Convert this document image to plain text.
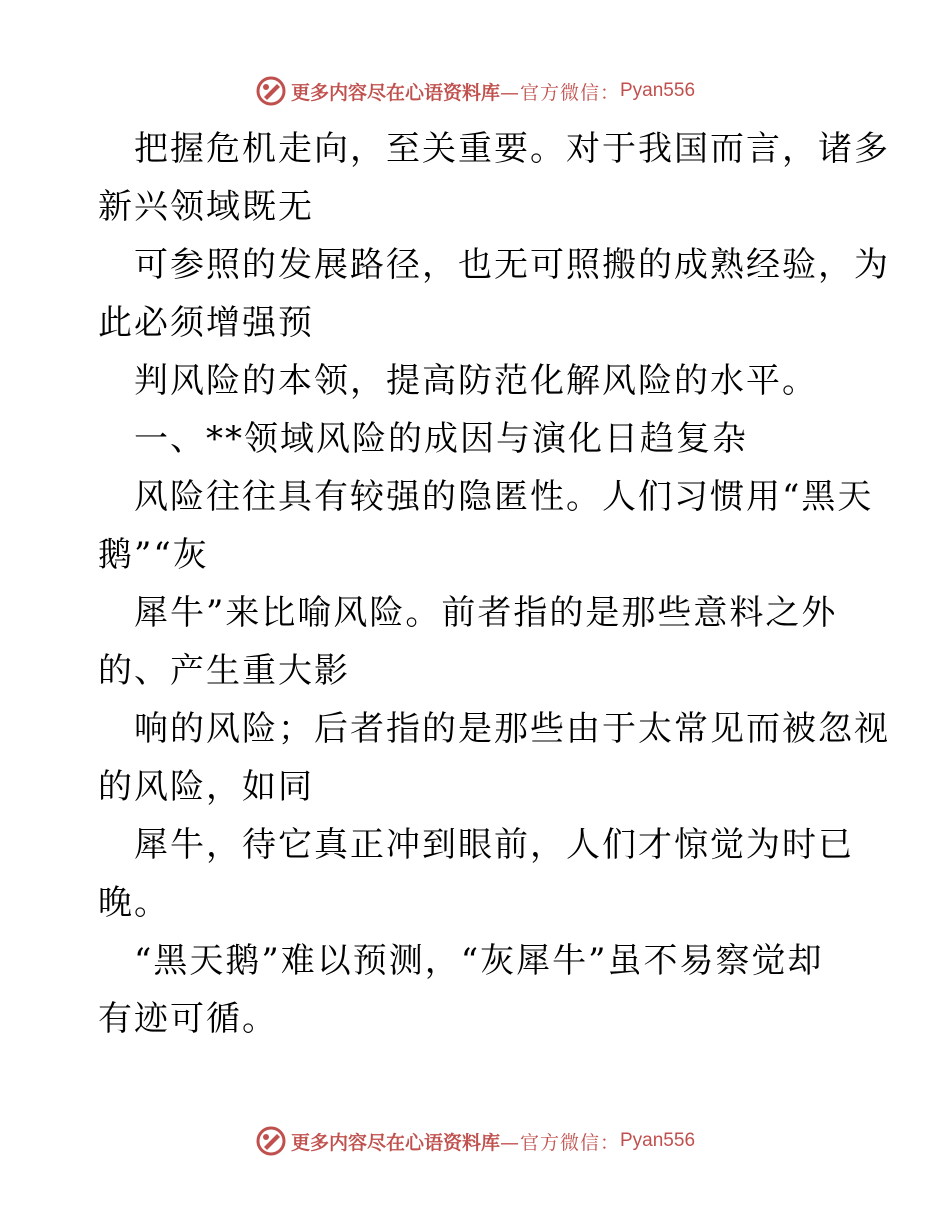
更多内容尽在心语资料库 —官方微信： Pyan556
　把握危机走向，至关重要。对于我国而言，诸多
新兴领域既无
　可参照的发展路径，也无可照搬的成熟经验，为
此必须增强预
　判风险的本领，提高防范化解风险的水平。
　一、**领域风险的成因与演化日趋复杂
　风险往往具有较强的隐匿性。人们习惯用“黑天
鹅”“灰
　犀牛”来比喻风险。前者指的是那些意料之外
的、产生重大影
　响的风险；后者指的是那些由于太常见而被忽视
的风险，如同
　犀牛，待它真正冲到眼前，人们才惊觉为时已
晚。
　“黑天鹅”难以预测，“灰犀牛”虽不易察觉却
有迹可循。
更多内容尽在心语资料库 —官方微信： Pyan556
